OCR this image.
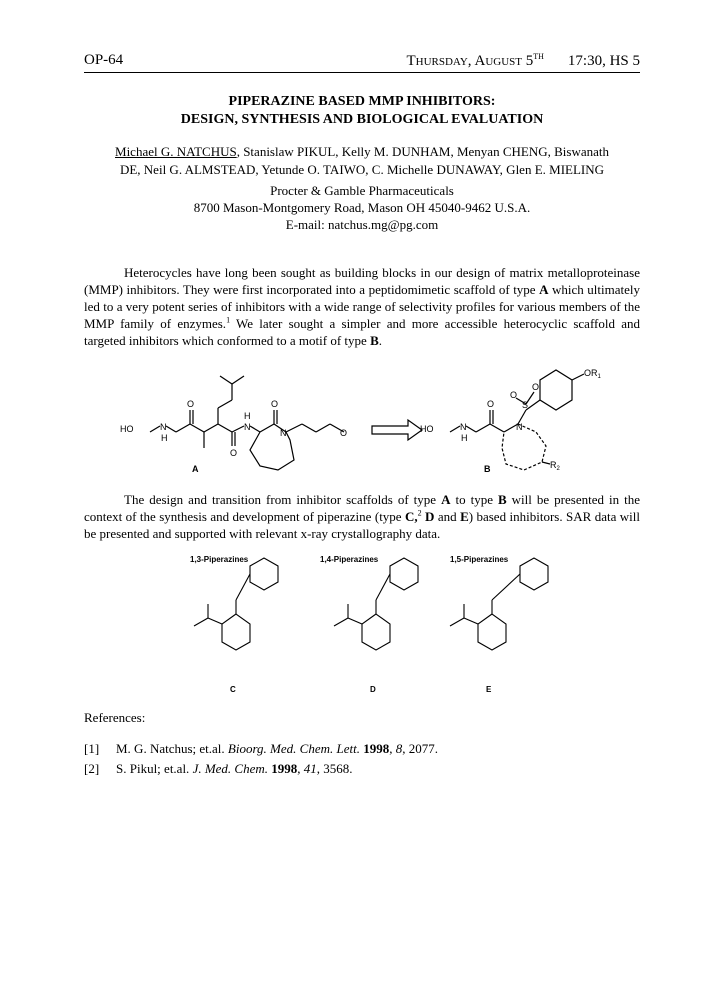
OP-64	Thursday, August 5TH 17:30, HS 5
PIPERAZINE BASED MMP INHIBITORS:
DESIGN, SYNTHESIS AND BIOLOGICAL EVALUATION
Michael G. NATCHUS, Stanislaw PIKUL, Kelly M. DUNHAM, Menyan CHENG, Biswanath
DE, Neil G. ALMSTEAD, Yetunde O. TAIWO, C. Michelle DUNAWAY, Glen E. MIELING
Procter & Gamble Pharmaceuticals
8700 Mason-Montgomery Road, Mason OH 45040-9462 U.S.A.
E-mail: natchus.mg@pg.com

Heterocycles have long been sought as building blocks in our design of matrix metalloproteinase (MMP) inhibitors. They were first incorporated into a peptidomimetic scaffold of type A which ultimately led to a very potent series of inhibitors with a wide range of selectivity profiles for various members of the MMP family of enzymes.$^1$ We later sought a simpler and more accessible heterocyclic scaffold and targeted inhibitors which conformed to a motif of type B.

HO	N
H
O
O
N
H
O
N	O
A
HO	N
H
O
N
S
O
O
$OR_1$
$R_2$
B

The design and transition from inhibitor scaffolds of type A to type B will be presented in the context of the synthesis and development of piperazine (type C,$^2$ D and E) based inhibitors. SAR data will be presented and supported with relevant x-ray crystallography data.

1,3-Piperazines	1,4-Piperazines	1,5-Piperazines
C	D	E
References:
[1] M. G. Natchus; et.al. Bioorg. Med. Chem. Lett. 1998, 8, 2077.
[2] S. Pikul; et.al. J. Med. Chem. 1998, 41, 3568.
